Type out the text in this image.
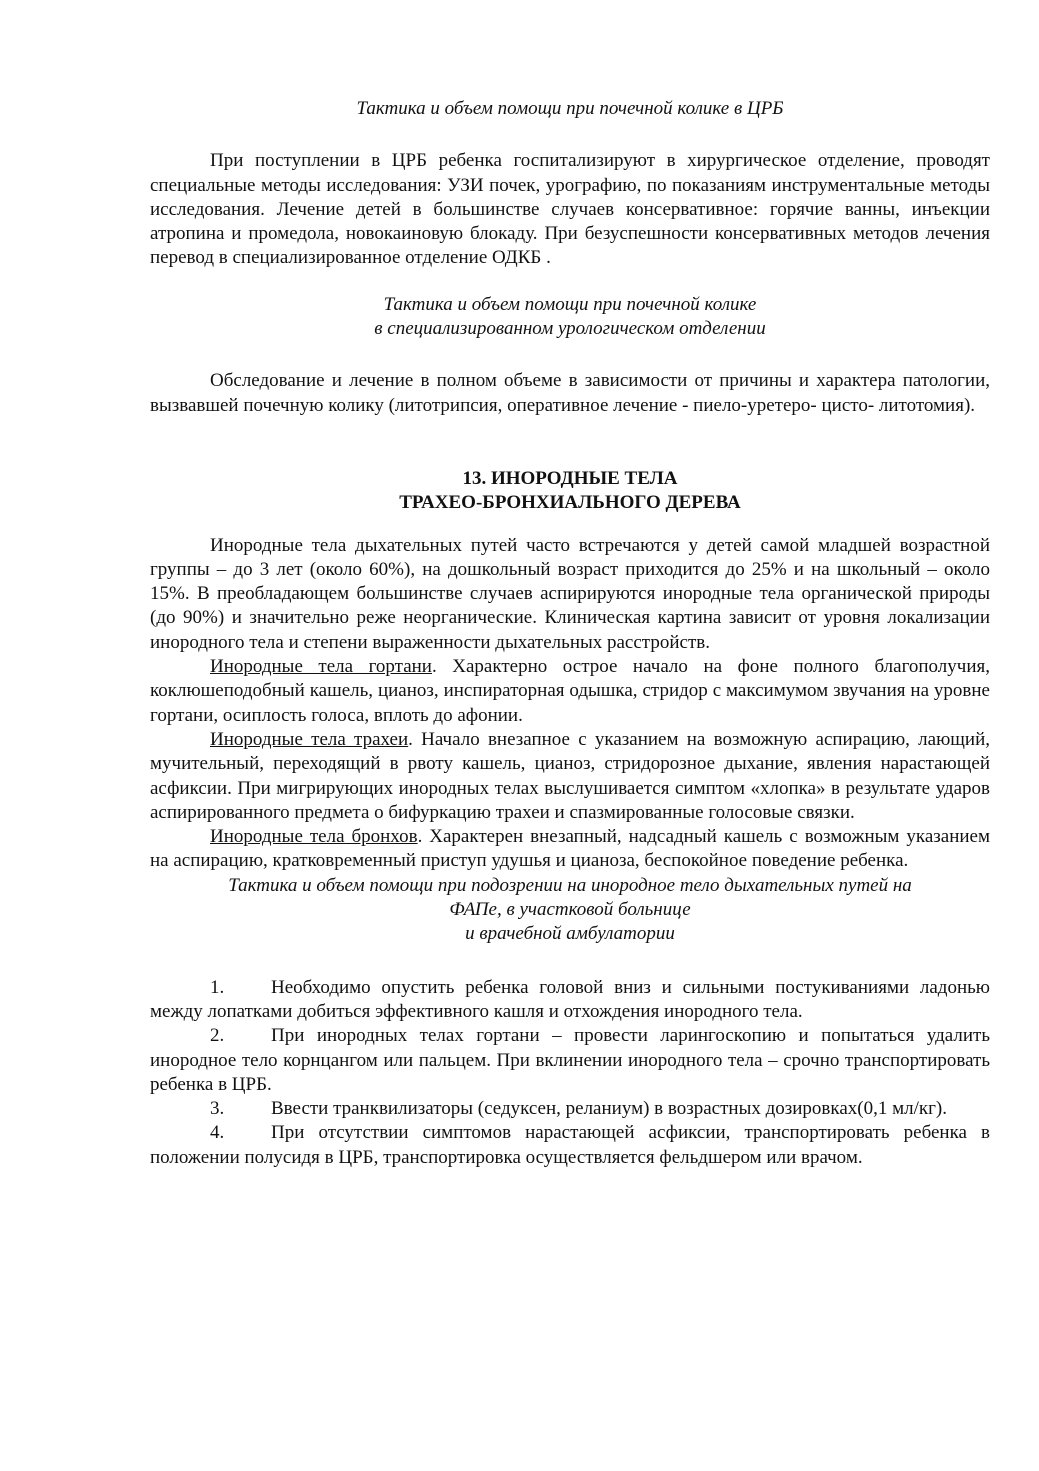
Тактика и объем помощи при почечной колике в ЦРБ

При поступлении в ЦРБ ребенка госпитализируют в хирургическое отделение, проводят специальные методы исследования: УЗИ почек, урографию, по показаниям инструментальные методы исследования. Лечение детей в большинстве случаев консервативное: горячие ванны, инъекции атропина и промедола, новокаиновую блокаду. При безуспешности консервативных методов лечения перевод в специализированное отделение ОДКБ .

Тактика и объем помощи при почечной колике

в специализированном урологическом отделении

Обследование и лечение в полном объеме в зависимости от причины и характера патологии, вызвавшей почечную колику (литотрипсия, оперативное лечение - пиело-уретеро- цисто- литотомия).

13. ИНОРОДНЫЕ ТЕЛА

ТРАХЕО-БРОНХИАЛЬНОГО ДЕРЕВА

Инородные тела дыхательных путей часто встречаются у детей самой младшей возрастной группы – до 3 лет (около 60%), на дошкольный возраст приходится до 25% и на школьный – около 15%. В преобладающем большинстве случаев аспирируются инородные тела органической природы (до 90%) и значительно реже неорганические. Клиническая картина зависит от уровня локализации инородного тела и степени выраженности дыхательных расстройств.

Инородные тела гортани. Характерно острое начало на фоне полного благополучия, коклюшеподобный кашель, цианоз, инспираторная одышка, стридор с максимумом звучания на уровне гортани, осиплость голоса, вплоть до афонии.

Инородные тела трахеи. Начало внезапное с указанием на возможную аспирацию, лающий, мучительный, переходящий в рвоту кашель, цианоз, стридорозное дыхание, явления нарастающей асфиксии. При мигрирующих инородных телах выслушивается симптом «хлопка» в результате ударов аспирированного предмета о бифуркацию трахеи и спазмированные голосовые связки.

Инородные тела бронхов. Характерен внезапный, надсадный кашель с возможным указанием на аспирацию, кратковременный приступ удушья и цианоза, беспокойное поведение ребенка.

Тактика и объем помощи при подозрении на инородное тело дыхательных путей на

ФАПе, в участковой больнице

и врачебной амбулатории

1. Необходимо опустить ребенка головой вниз и сильными постукиваниями ладонью между лопатками добиться эффективного кашля и отхождения инородного тела.

2. При инородных телах гортани – провести ларингоскопию и попытаться удалить инородное тело корнцангом или пальцем. При вклинении инородного тела – срочно транспортировать ребенка в ЦРБ.

3. Ввести транквилизаторы (седуксен, реланиум) в возрастных дозировках(0,1 мл/кг).

4. При отсутствии симптомов нарастающей асфиксии, транспортировать ребенка в положении полусидя в ЦРБ, транспортировка осуществляется фельдшером или врачом.
